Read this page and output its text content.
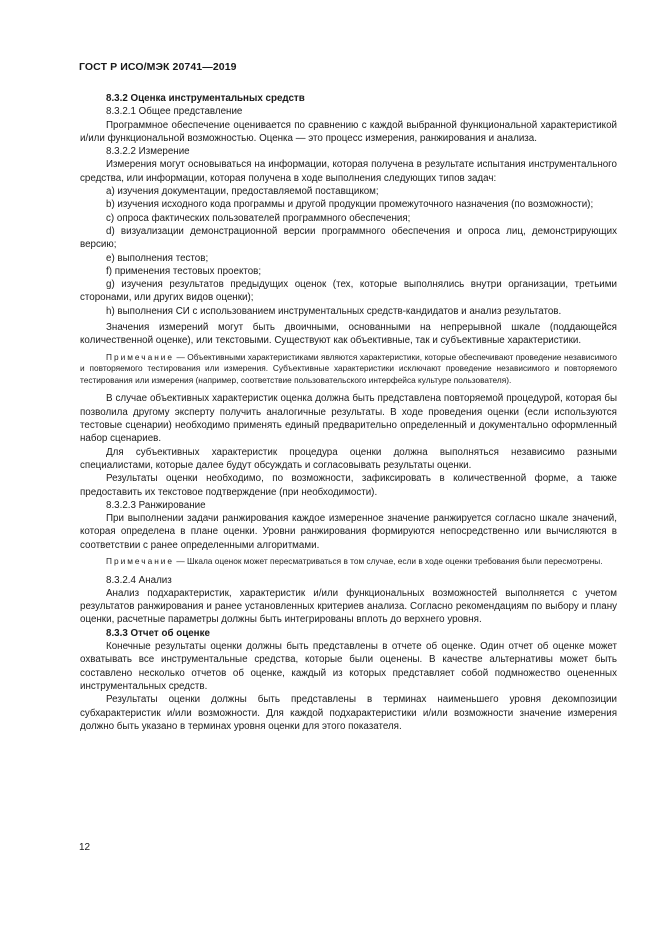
ГОСТ Р ИСО/МЭК 20741—2019

8.3.2 Оценка инструментальных средств

8.3.2.1 Общее представление

Программное обеспечение оценивается по сравнению с каждой выбранной функциональной характеристикой и/или функциональной возможностью. Оценка — это процесс измерения, ранжирования и анализа.

8.3.2.2 Измерение

Измерения могут основываться на информации, которая получена в результате испытания инструментального средства, или информации, которая получена в ходе выполнения следующих типов задач:

a) изучения документации, предоставляемой поставщиком;

b) изучения исходного кода программы и другой продукции промежуточного назначения (по возможности);

c) опроса фактических пользователей программного обеспечения;

d) визуализации демонстрационной версии программного обеспечения и опроса лиц, демонстрирующих версию;

e) выполнения тестов;

f) применения тестовых проектов;

g) изучения результатов предыдущих оценок (тех, которые выполнялись внутри организации, третьими сторонами, или других видов оценки);

h) выполнения СИ с использованием инструментальных средств-кандидатов и анализ результатов.

Значения измерений могут быть двоичными, основанными на непрерывной шкале (поддающейся количественной оценке), или текстовыми. Существуют как объективные, так и субъективные характеристики.

Примечание — Объективными характеристиками являются характеристики, которые обеспечивают проведение независимого и повторяемого тестирования или измерения. Субъективные характеристики исключают проведение независимого и повторяемого тестирования или измерения (например, соответствие пользовательского интерфейса культуре пользователя).

В случае объективных характеристик оценка должна быть представлена повторяемой процедурой, которая бы позволила другому эксперту получить аналогичные результаты. В ходе проведения оценки (если используются тестовые сценарии) необходимо применять единый предварительно определенный и документально оформленный набор сценариев.

Для субъективных характеристик процедура оценки должна выполняться независимо разными специалистами, которые далее будут обсуждать и согласовывать результаты оценки.

Результаты оценки необходимо, по возможности, зафиксировать в количественной форме, а также предоставить их текстовое подтверждение (при необходимости).

8.3.2.3 Ранжирование

При выполнении задачи ранжирования каждое измеренное значение ранжируется согласно шкале значений, которая определена в плане оценки. Уровни ранжирования формируются непосредственно или вычисляются в соответствии с ранее определенными алгоритмами.

Примечание — Шкала оценок может пересматриваться в том случае, если в ходе оценки требования были пересмотрены.

8.3.2.4 Анализ

Анализ подхарактеристик, характеристик и/или функциональных возможностей выполняется с учетом результатов ранжирования и ранее установленных критериев анализа. Согласно рекомендациям по выбору и плану оценки, расчетные параметры должны быть интегрированы вплоть до верхнего уровня.

8.3.3 Отчет об оценке

Конечные результаты оценки должны быть представлены в отчете об оценке. Один отчет об оценке может охватывать все инструментальные средства, которые были оценены. В качестве альтернативы может быть составлено несколько отчетов об оценке, каждый из которых представляет собой подмножество оцененных инструментальных средств.

Результаты оценки должны быть представлены в терминах наименьшего уровня декомпозиции субхарактеристик и/или возможности. Для каждой подхарактеристики и/или возможности значение измерения должно быть указано в терминах уровня оценки для этого показателя.

12
